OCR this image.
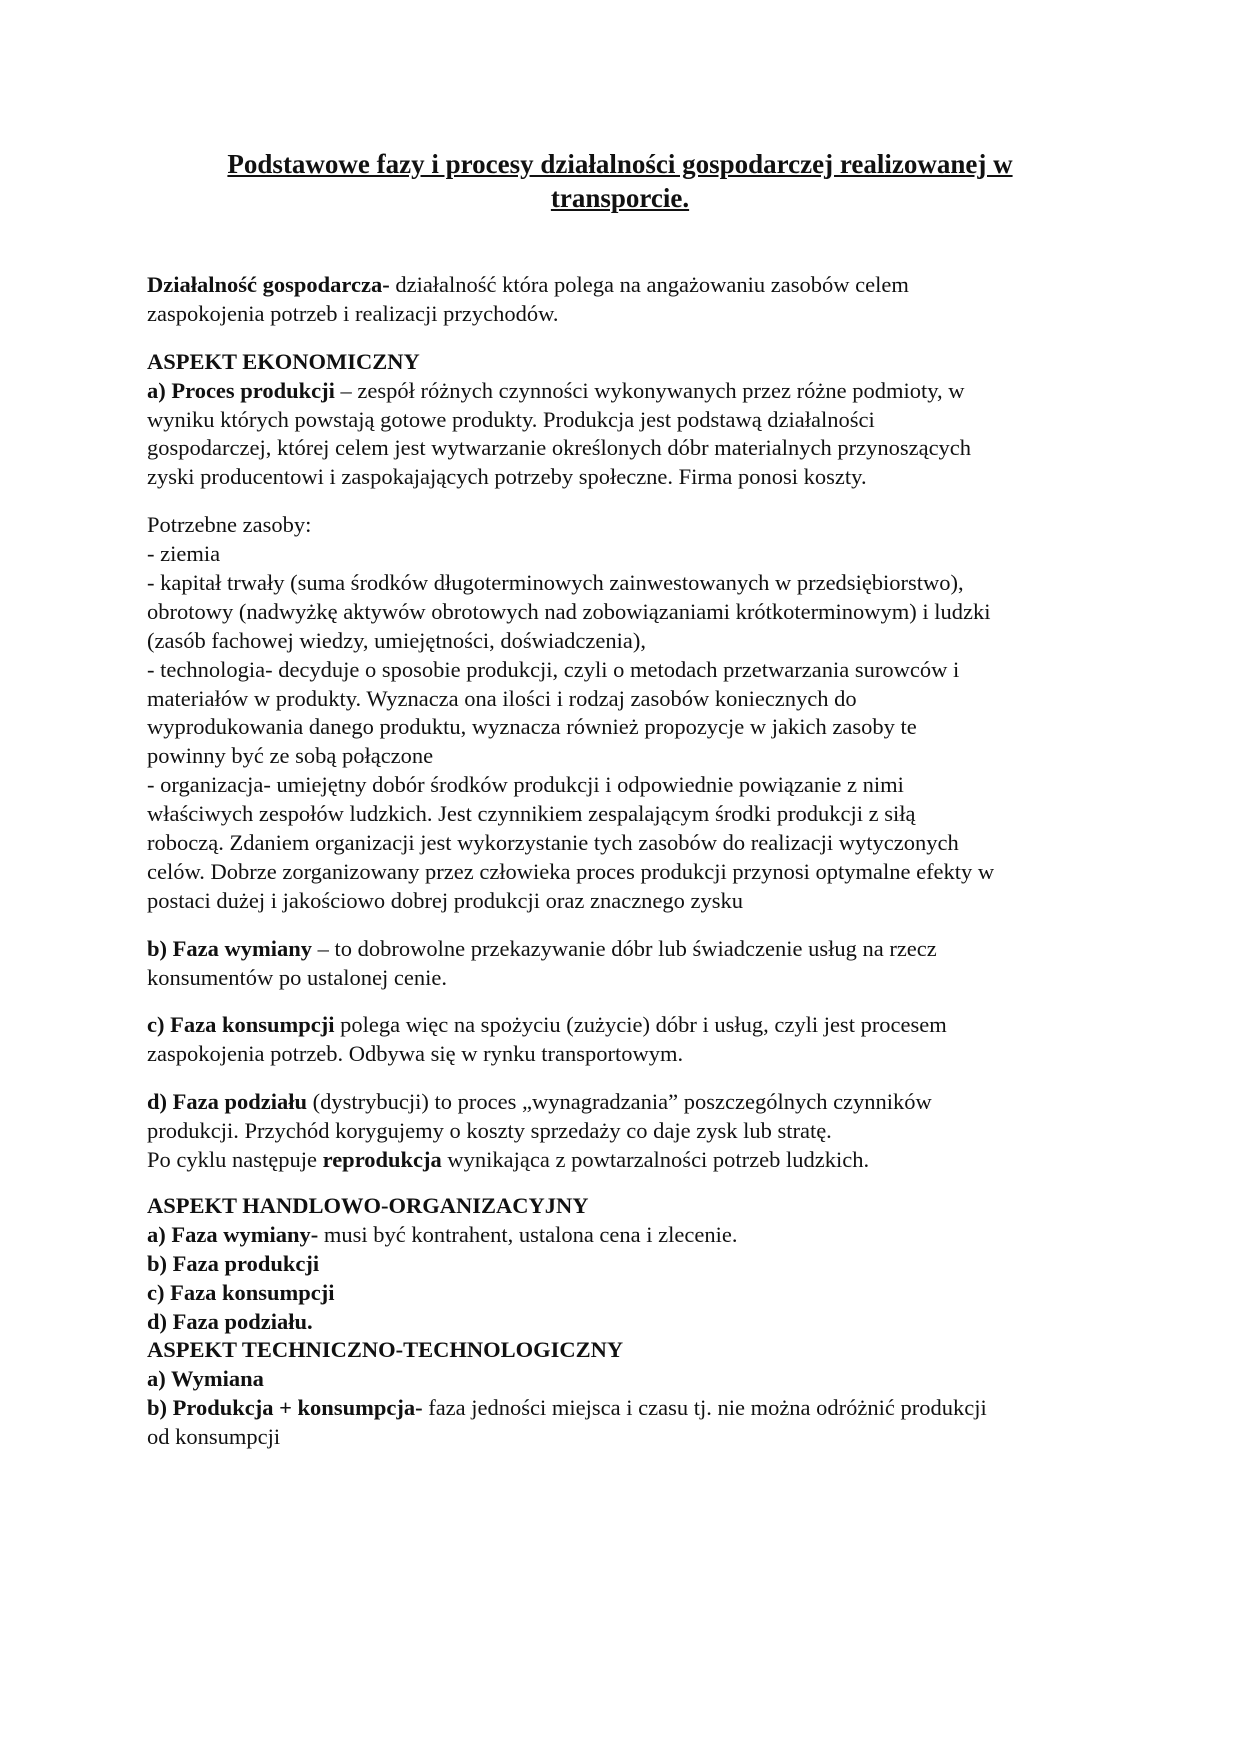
Podstawowe fazy i procesy działalności gospodarczej realizowanej w
transporcie.
Działalność gospodarcza- działalność która polega na angażowaniu zasobów celem
zaspokojenia potrzeb i realizacji przychodów.
ASPEKT EKONOMICZNY
a) Proces produkcji – zespół różnych czynności wykonywanych przez różne podmioty, w
wyniku których powstają gotowe produkty. Produkcja jest podstawą działalności
gospodarczej, której celem jest wytwarzanie określonych dóbr materialnych przynoszących
zyski producentowi i zaspokajających potrzeby społeczne. Firma ponosi koszty.
Potrzebne zasoby:
- ziemia
- kapitał trwały (suma środków długoterminowych zainwestowanych w przedsiębiorstwo),
obrotowy (nadwyżkę aktywów obrotowych nad zobowiązaniami krótkoterminowym) i ludzki
(zasób fachowej wiedzy, umiejętności, doświadczenia),
- technologia- decyduje o sposobie produkcji, czyli o metodach przetwarzania surowców i
materiałów w produkty. Wyznacza ona ilości i rodzaj zasobów koniecznych do
wyprodukowania danego produktu, wyznacza również propozycje w jakich zasoby te
powinny być ze sobą połączone
- organizacja- umiejętny dobór środków produkcji i odpowiednie powiązanie z nimi
właściwych zespołów ludzkich. Jest czynnikiem zespalającym środki produkcji z siłą
roboczą. Zdaniem organizacji jest wykorzystanie tych zasobów do realizacji wytyczonych
celów. Dobrze zorganizowany przez człowieka proces produkcji przynosi optymalne efekty w
postaci dużej i jakościowo dobrej produkcji oraz znacznego zysku
b) Faza wymiany – to dobrowolne przekazywanie dóbr lub świadczenie usług na rzecz
konsumentów po ustalonej cenie.
c) Faza konsumpcji polega więc na spożyciu (zużycie) dóbr i usług, czyli jest procesem
zaspokojenia potrzeb. Odbywa się w rynku transportowym.
d) Faza podziału (dystrybucji) to proces „wynagradzania” poszczególnych czynników
produkcji. Przychód korygujemy o koszty sprzedaży co daje zysk lub stratę.
Po cyklu następuje reprodukcja wynikająca z powtarzalności potrzeb ludzkich.
ASPEKT HANDLOWO-ORGANIZACYJNY
a) Faza wymiany- musi być kontrahent, ustalona cena i zlecenie.
b) Faza produkcji
c) Faza konsumpcji
d) Faza podziału.
ASPEKT TECHNICZNO-TECHNOLOGICZNY
a) Wymiana
b) Produkcja + konsumpcja- faza jedności miejsca i czasu tj. nie można odróżnić produkcji
od konsumpcji
